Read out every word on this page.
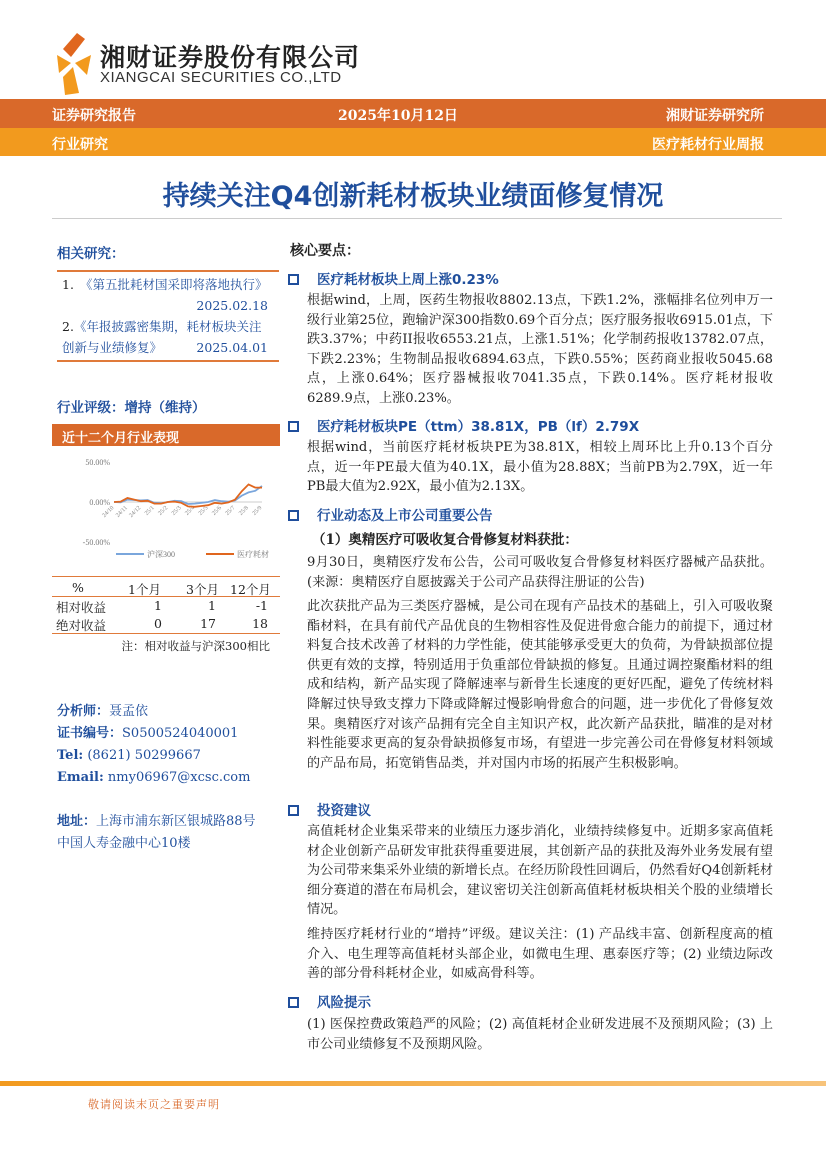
湘财证券股份有限公司
XIANGCAI SECURITIES CO.,LTD
证券研究报告	2025年10月12日	湘财证券研究所
行业研究	医疗耗材行业周报
持续关注Q4创新耗材板块业绩面修复情况
相关研究：
1. 《第五批耗材国采即将落地执行》
2025.02.18
2.《年报披露密集期，耗材板块关注创新与业绩修复》	2025.04.01
行业评级：增持（维持）
近十二个月行业表现
50.00%
0.00%
-50.00%
24/10 24/11 24/12 25/1 25/2 25/3 25/4 25/5 25/6 25/7 25/8 25/9
沪深300	医疗耗材
%	1个月 3个月 12个月
相对收益	1	1	-1
绝对收益	0	17	18
注：相对收益与沪深300相比
分析师：聂孟依
证书编号：S0500524040001
Tel: (8621) 50299667
Email: nmy06967@xcsc.com
地址：上海市浦东新区银城路88号
中国人寿金融中心10楼
核心要点：
医疗耗材板块上周上涨0.23%
根据wind，上周，医药生物报收8802.13点，下跌1.2%，涨幅排名位列申万一级行业第25位，跑输沪深300指数0.69个百分点；医疗服务报收6915.01点，下跌3.37%；中药II报收6553.21点，上涨1.51%；化学制药报收13782.07点，下跌2.23%；生物制品报收6894.63点，下跌0.55%；医药商业报收5045.68点，上涨0.64%；医疗器械报收7041.35点，下跌0.14%。医疗耗材报收6289.9点，上涨0.23%。
医疗耗材板块PE（ttm）38.81X，PB（lf）2.79X
根据wind，当前医疗耗材板块PE为38.81X，相较上周环比上升0.13个百分点，近一年PE最大值为40.1X，最小值为28.88X；当前PB为2.79X，近一年PB最大值为2.92X，最小值为2.13X。
行业动态及上市公司重要公告
（1）奥精医疗可吸收复合骨修复材料获批：
9月30日，奥精医疗发布公告，公司可吸收复合骨修复材料医疗器械产品获批。(来源：奥精医疗自愿披露关于公司产品获得注册证的公告)
此次获批产品为三类医疗器械，是公司在现有产品技术的基础上，引入可吸收聚酯材料，在具有前代产品优良的生物相容性及促进骨愈合能力的前提下，通过材料复合技术改善了材料的力学性能，使其能够承受更大的负荷，为骨缺损部位提供更有效的支撑，特别适用于负重部位骨缺损的修复。且通过调控聚酯材料的组成和结构，新产品实现了降解速率与新骨生长速度的更好匹配，避免了传统材料降解过快导致支撑力下降或降解过慢影响骨愈合的问题，进一步优化了骨修复效果。奥精医疗对该产品拥有完全自主知识产权，此次新产品获批，瞄准的是对材料性能要求更高的复杂骨缺损修复市场，有望进一步完善公司在骨修复材料领域的产品布局，拓宽销售品类，并对国内市场的拓展产生积极影响。
投资建议
高值耗材企业集采带来的业绩压力逐步消化，业绩持续修复中。近期多家高值耗材企业创新产品研发审批获得重要进展，其创新产品的获批及海外业务发展有望为公司带来集采外业绩的新增长点。在经历阶段性回调后，仍然看好Q4创新耗材细分赛道的潜在布局机会，建议密切关注创新高值耗材板块相关个股的业绩增长情况。
维持医疗耗材行业的“增持”评级。建议关注：(1) 产品线丰富、创新程度高的植介入、电生理等高值耗材头部企业，如微电生理、惠泰医疗等；(2) 业绩边际改善的部分骨科耗材企业，如威高骨科等。
风险提示
(1) 医保控费政策趋严的风险；(2) 高值耗材企业研发进展不及预期风险；(3) 上市公司业绩修复不及预期风险。
敬请阅读末页之重要声明
